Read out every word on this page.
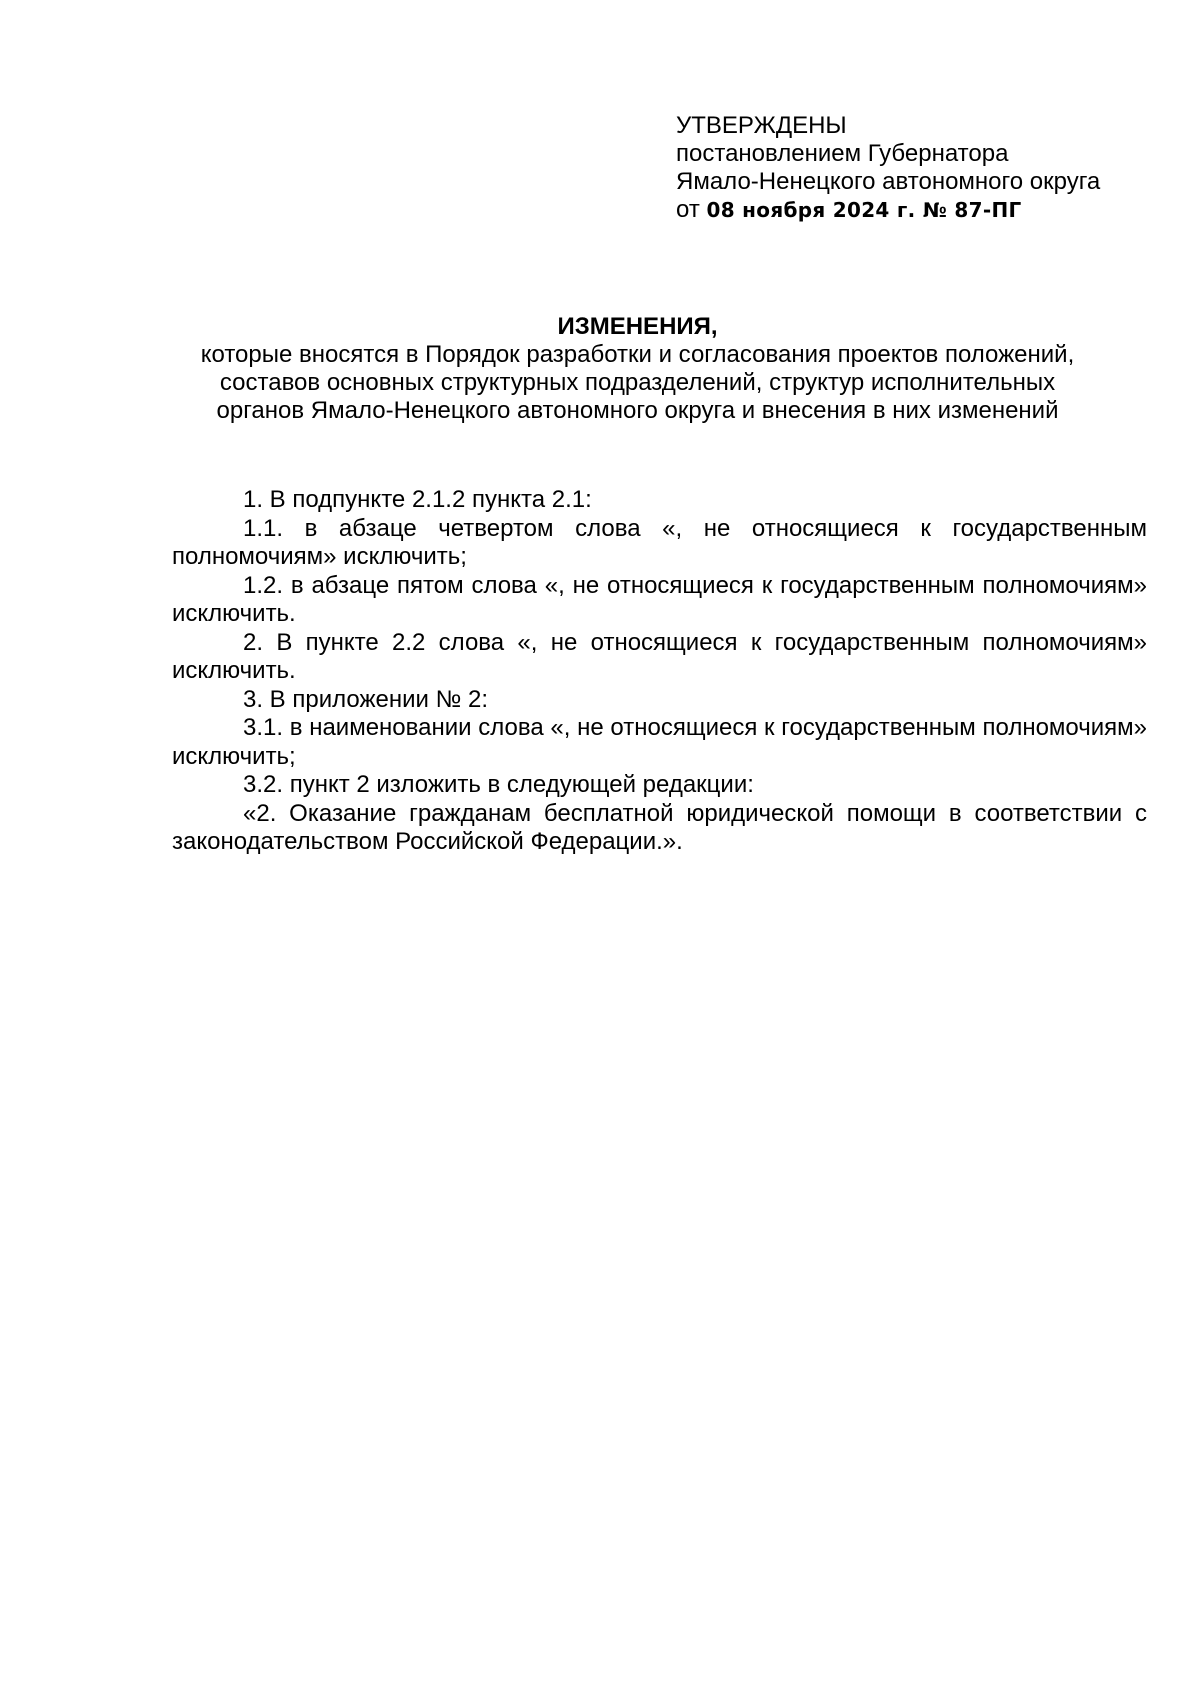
УТВЕРЖДЕНЫ

постановлением Губернатора

Ямало-Ненецкого автономного округа

от 08 ноября 2024 г. № 87-ПГ

ИЗМЕНЕНИЯ,

которые вносятся в Порядок разработки и согласования проектов положений,

составов основных структурных подразделений, структур исполнительных

органов Ямало-Ненецкого автономного округа и внесения в них изменений

1. В подпункте 2.1.2 пункта 2.1:

1.1. в абзаце четвертом слова «, не относящиеся к государственным полномочиям» исключить;

1.2. в абзаце пятом слова «, не относящиеся к государственным полномочиям» исключить.

2. В пункте 2.2 слова «, не относящиеся к государственным полномочиям» исключить.

3. В приложении № 2:

3.1. в наименовании слова «, не относящиеся к государственным полномочиям» исключить;

3.2. пункт 2 изложить в следующей редакции:

«2. Оказание гражданам бесплатной юридической помощи в соответствии с законодательством Российской Федерации.».
